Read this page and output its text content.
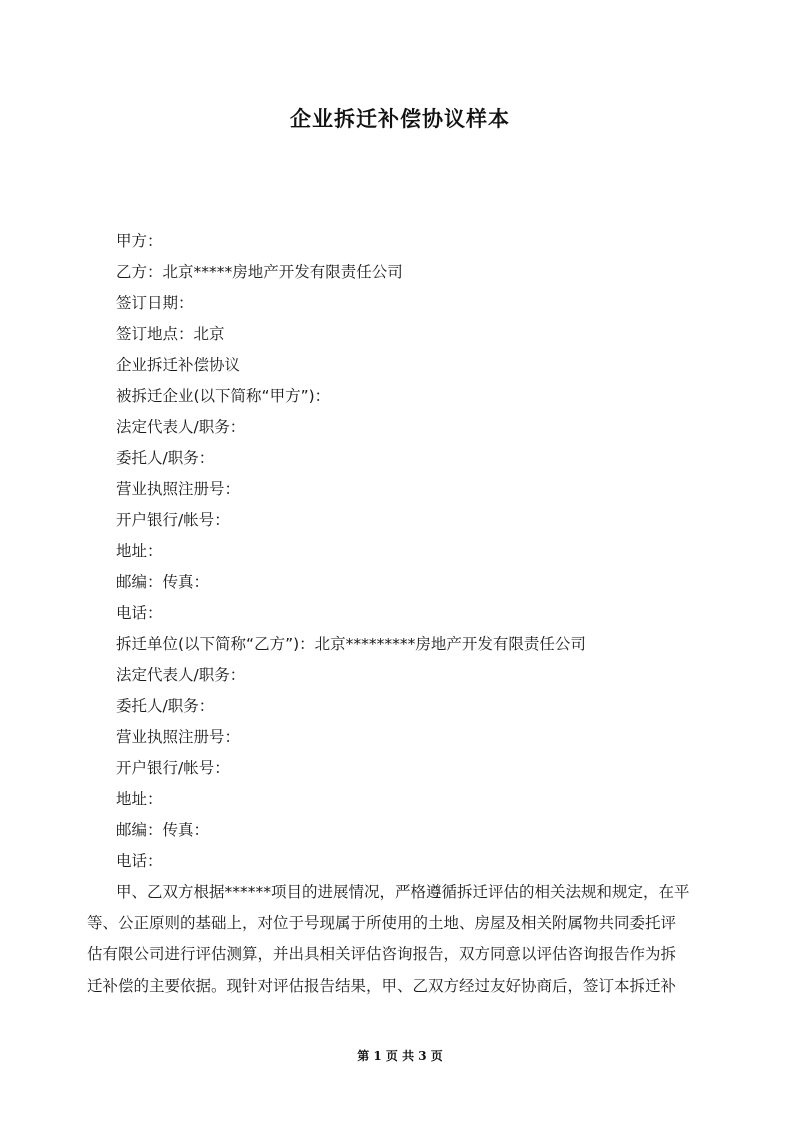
企业拆迁补偿协议样本
甲方：
乙方：北京*****房地产开发有限责任公司
签订日期：
签订地点：北京
企业拆迁补偿协议
被拆迁企业(以下简称“甲方”)：
法定代表人/职务：
委托人/职务：
营业执照注册号：
开户银行/帐号：
地址：
邮编：传真：
电话：
拆迁单位(以下简称“乙方”)：北京*********房地产开发有限责任公司
法定代表人/职务：
委托人/职务：
营业执照注册号：
开户银行/帐号：
地址：
邮编：传真：
电话：
甲、乙双方根据******项目的进展情况，严格遵循拆迁评估的相关法规和规定，在平
等、公正原则的基础上，对位于号现属于所使用的土地、房屋及相关附属物共同委托评
估有限公司进行评估测算，并出具相关评估咨询报告，双方同意以评估咨询报告作为拆
迁补偿的主要依据。现针对评估报告结果，甲、乙双方经过友好协商后，签订本拆迁补
第 1 页 共 3 页
